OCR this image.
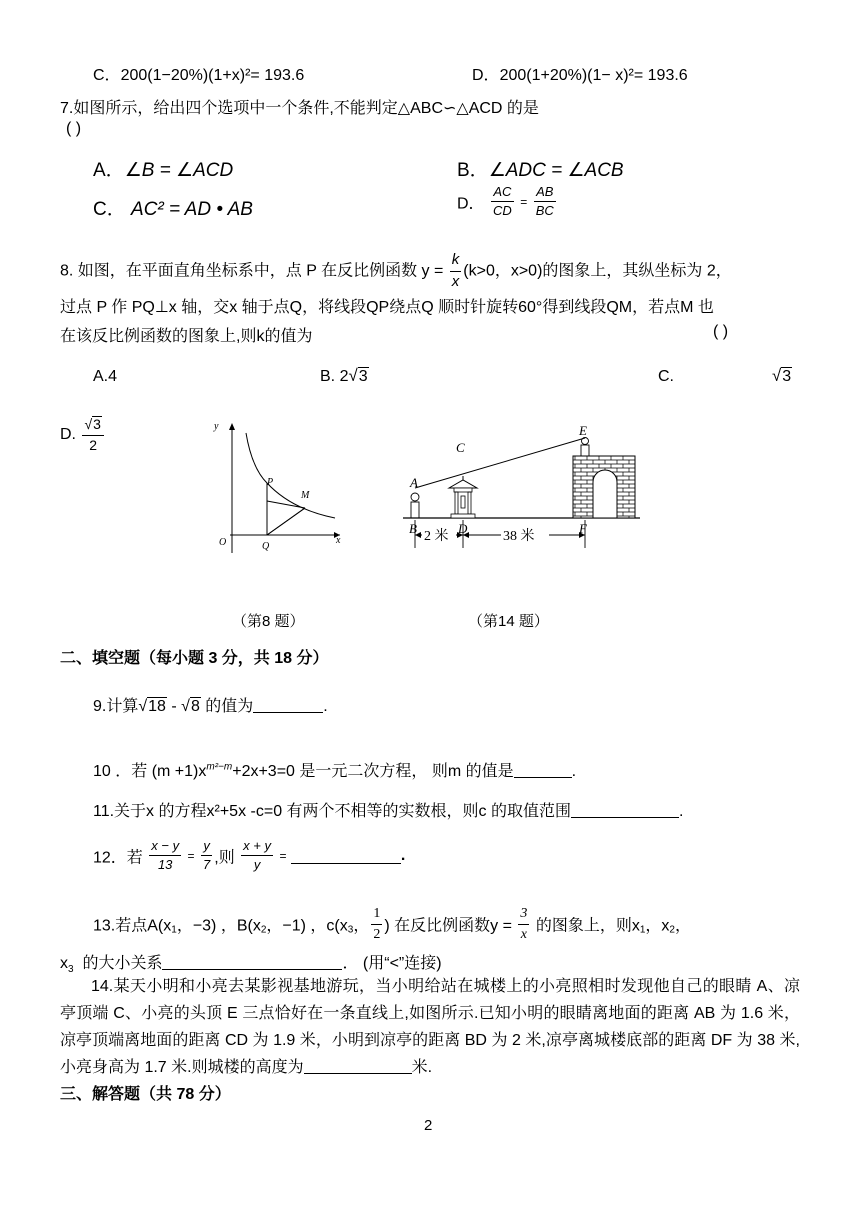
C．200(1−20%)(1+x)²= 193.6	D．200(1+20%)(1− x)²= 193.6
7.如图所示，给出四个选项中一个条件,不能判定△ABC∽△ACD 的是
( )
A．∠B = ∠ACD	B．∠ADC = ∠ACB
C． AC² = AD • AB	D． $\frac{AC}{CD} = \frac{AB}{BC}$
8. 如图，在平面直角坐标系中，点 P 在反比例函数 $y = \frac{k}{x} (k>0$，x>0)的图象上，其纵坐标为 2，
过点 P 作 PQ⊥x 轴，交x 轴于点Q，将线段QP绕点Q 顺时针旋转60°得到线段QM，若点M 也
在该反比例函数的图象上,则k的值为	( )
A.4	B. 2√3	C.	√3
D. $\frac{√3}{2}$	y
x
O
P
Q
M
（第8 题）
2 米	38 米
A
B
C
D
E
F
（第14 题）
二、填空题（每小题 3 分，共 18 分）
9.计算√18 - √8 的值为	.
10 ．若 $(m +1)x^{m^2-m}+2x+3=0$ 是一元二次方程， 则m 的值是	.
11.关于x 的方程x²+5x ‑c=0 有两个不相等的实数根，则c 的取值范围	.
12．若 $\frac{x - y}{13} = \frac{y}{7}$ ,则 $\frac{x + y}{y}$ =	.
13.若点$A(x_1$，−3) ，$B(x_2$，−1) ，$c(x_3$， $\frac{1}{2}$ ) 在反比例函数$y = \frac{3}{x}$ 的图象上，则$x_1$，$x_2$，
$x_3$ 的大小关系	． (用“<”连接)
14.某天小明和小亮去某影视基地游玩，当小明给站在城楼上的小亮照相时发现他自己的眼睛 A、凉亭顶端 C、小亮的头顶 E 三点恰好在一条直线上,如图所示.已知小明的眼睛离地面的距离 AB 为 1.6 米，凉亭顶端离地面的距离 CD 为 1.9 米，小明到凉亭的距离 BD 为 2 米,凉亭离城楼底部的距离 DF 为 38 米,小亮身高为 1.7 米.则城楼的高度为	米.
三、解答题（共 78 分）
2
